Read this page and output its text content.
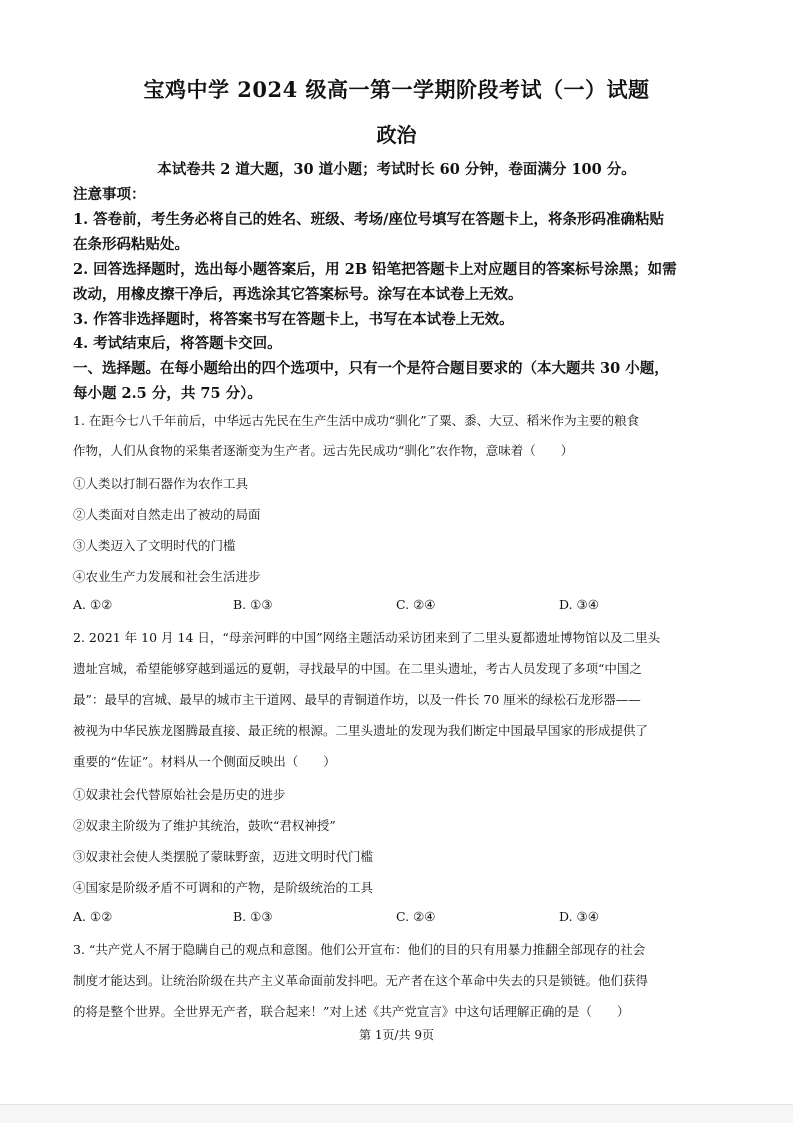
宝鸡中学 2024 级高一第一学期阶段考试（一）试题
政治
本试卷共 2 道大题，30 道小题；考试时长 60 分钟，卷面满分 100 分。
注意事项：
1. 答卷前，考生务必将自己的姓名、班级、考场/座位号填写在答题卡上，将条形码准确粘贴
在条形码粘贴处。
2. 回答选择题时，选出每小题答案后，用 2B 铅笔把答题卡上对应题目的答案标号涂黑；如需
改动，用橡皮擦干净后，再选涂其它答案标号。涂写在本试卷上无效。
3. 作答非选择题时，将答案书写在答题卡上，书写在本试卷上无效。
4. 考试结束后，将答题卡交回。
一、选择题。在每小题给出的四个选项中，只有一个是符合题目要求的（本大题共 30 小题，
每小题 2.5 分，共 75 分）。
1. 在距今七八千年前后，中华远古先民在生产生活中成功“驯化”了粟、黍、大豆、稻米作为主要的粮食
作物，人们从食物的采集者逐渐变为生产者。远古先民成功“驯化”农作物，意味着（　　）
①人类以打制石器作为农作工具
②人类面对自然走出了被动的局面
③人类迈入了文明时代的门槛
④农业生产力发展和社会生活进步
A. ①②	B. ①③	C. ②④	D. ③④
2. 2021 年 10 月 14 日，“母亲河畔的中国”网络主题活动采访团来到了二里头夏都遗址博物馆以及二里头
遗址宫城，希望能够穿越到遥远的夏朝，寻找最早的中国。在二里头遗址，考古人员发现了多项“中国之
最”：最早的宫城、最早的城市主干道网、最早的青铜道作坊，以及一件长 70 厘米的绿松石龙形器——
被视为中华民族龙图腾最直接、最正统的根源。二里头遗址的发现为我们断定中国最早国家的形成提供了
重要的“佐证”。材料从一个侧面反映出（　　）
①奴隶社会代替原始社会是历史的进步
②奴隶主阶级为了维护其统治，鼓吹“君权神授”
③奴隶社会使人类摆脱了蒙昧野蛮，迈进文明时代门槛
④国家是阶级矛盾不可调和的产物，是阶级统治的工具
A. ①②	B. ①③	C. ②④	D. ③④
3. “共产党人不屑于隐瞒自己的观点和意图。他们公开宣布：他们的目的只有用暴力推翻全部现存的社会
制度才能达到。让统治阶级在共产主义革命面前发抖吧。无产者在这个革命中失去的只是锁链。他们获得
的将是整个世界。全世界无产者，联合起来！”对上述《共产党宣言》中这句话理解正确的是（　　）
第 1页/共 9页
